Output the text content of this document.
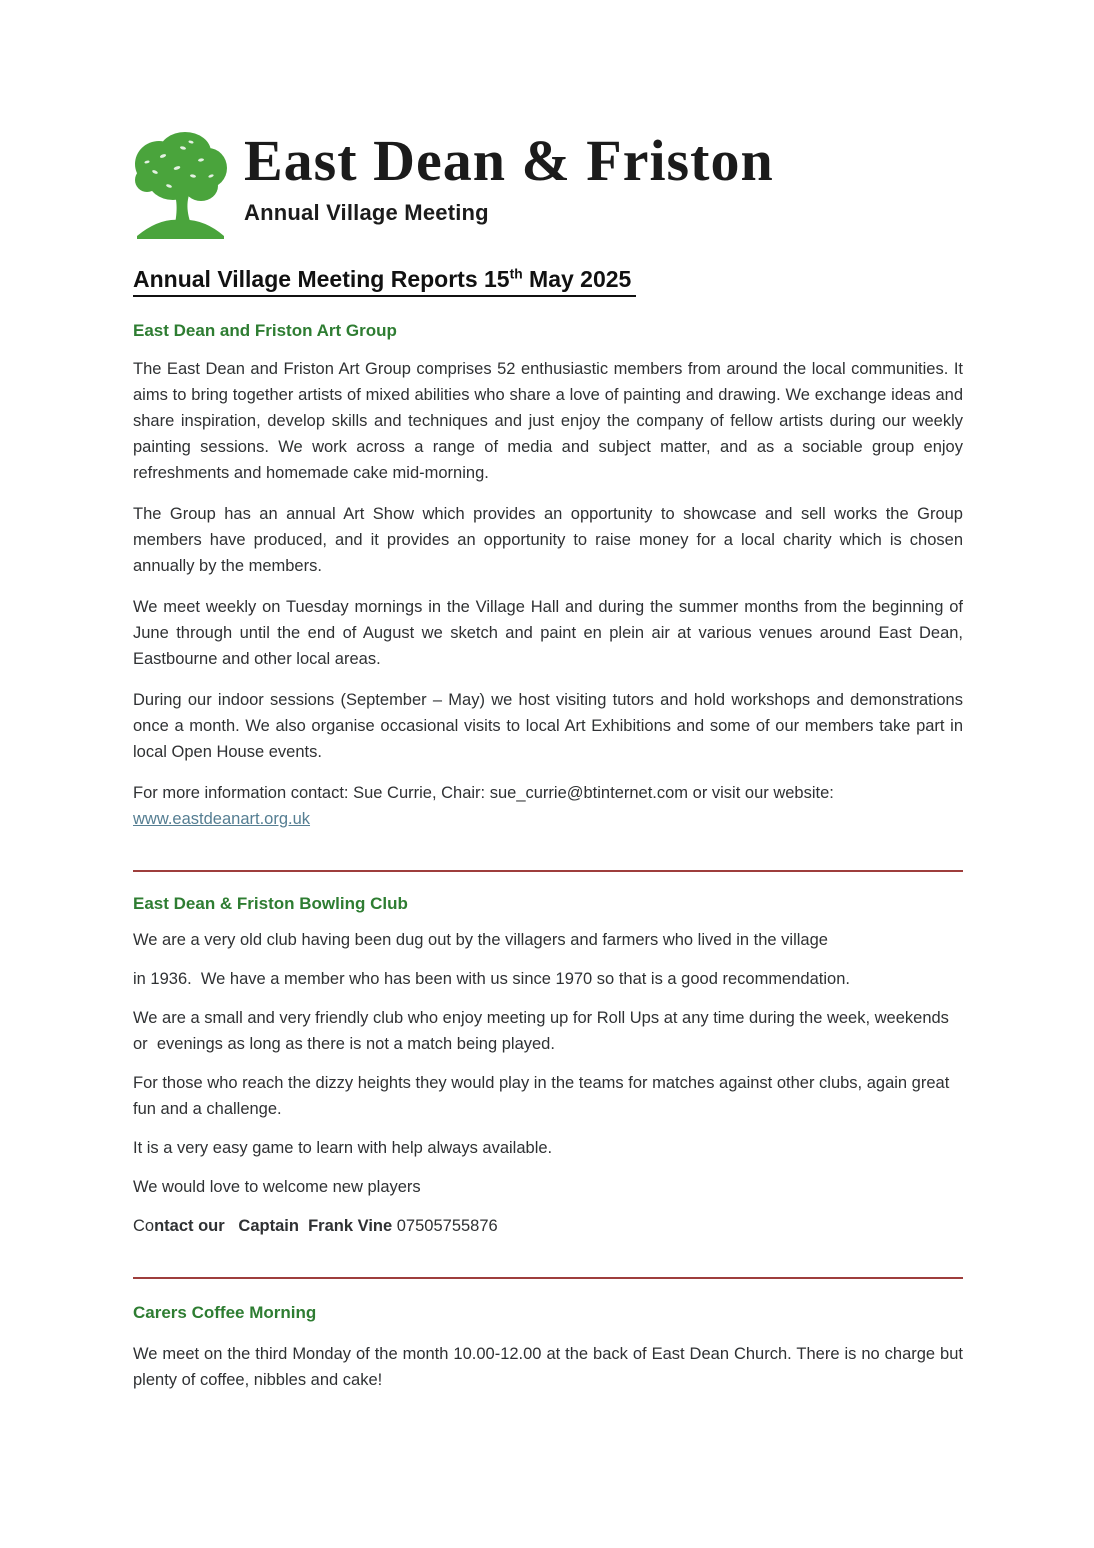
East Dean & Friston
Annual Village Meeting
Annual Village Meeting Reports 15th May 2025
East Dean and Friston Art Group

The East Dean and Friston Art Group comprises 52 enthusiastic members from around the local communities. It aims to bring together artists of mixed abilities who share a love of painting and drawing. We exchange ideas and share inspiration, develop skills and techniques and just enjoy the company of fellow artists during our weekly painting sessions. We work across a range of media and subject matter, and as a sociable group enjoy refreshments and homemade cake mid-morning.

The Group has an annual Art Show which provides an opportunity to showcase and sell works the Group members have produced, and it provides an opportunity to raise money for a local charity which is chosen annually by the members.

We meet weekly on Tuesday mornings in the Village Hall and during the summer months from the beginning of June through until the end of August we sketch and paint en plein air at various venues around East Dean, Eastbourne and other local areas.

During our indoor sessions (September – May) we host visiting tutors and hold workshops and demonstrations once a month. We also organise occasional visits to local Art Exhibitions and some of our members take part in local Open House events.

For more information contact: Sue Currie, Chair: sue_currie@btinternet.com or visit our website: www.eastdeanart.org.uk

East Dean & Friston Bowling Club

We are a very old club having been dug out by the villagers and farmers who lived in the village

in 1936.  We have a member who has been with us since 1970 so that is a good recommendation.

We are a small and very friendly club who enjoy meeting up for Roll Ups at any time during the week, weekends  or  evenings as long as there is not a match being played.

For those who reach the dizzy heights they would play in the teams for matches against other clubs, again great fun and a challenge.

It is a very easy game to learn with help always available.

We would love to welcome new players

Contact our   Captain  Frank Vine 07505755876

Carers Coffee Morning

We meet on the third Monday of the month 10.00-12.00 at the back of East Dean Church. There is no charge but plenty of coffee, nibbles and cake!
